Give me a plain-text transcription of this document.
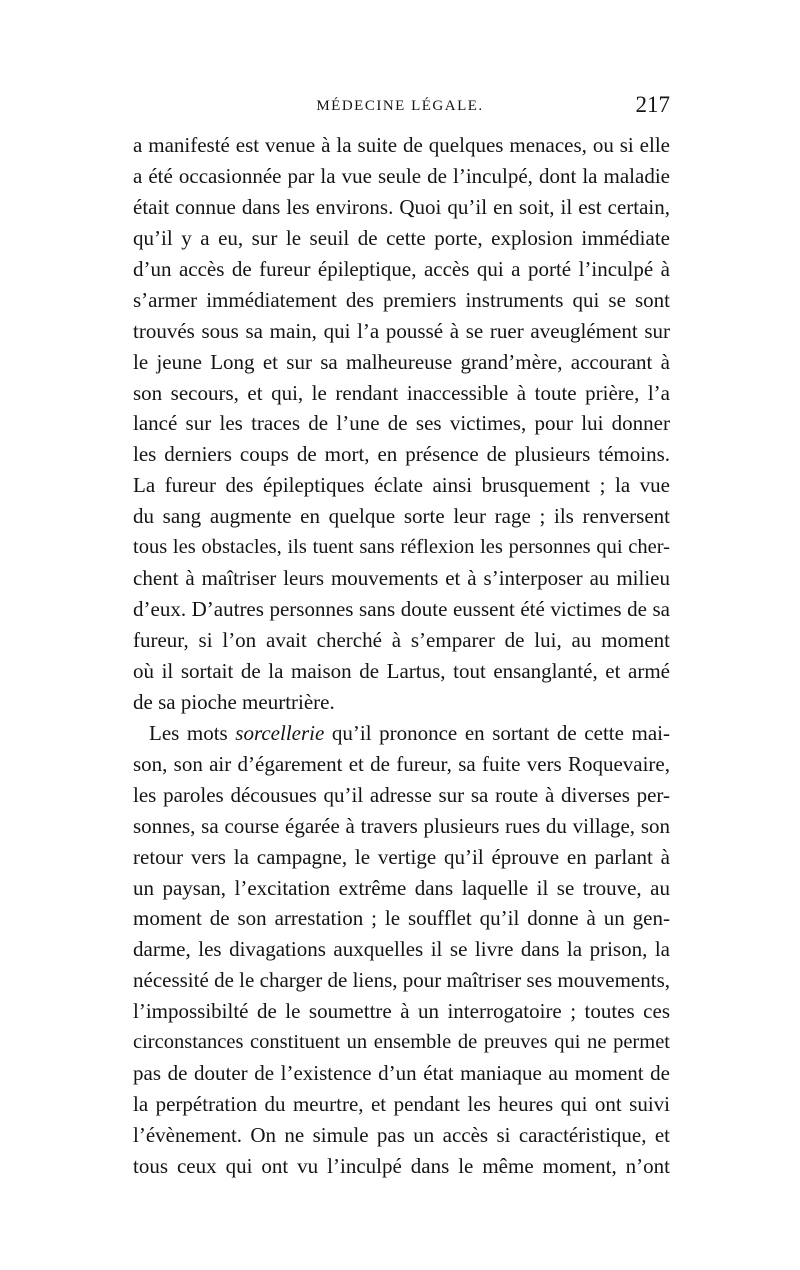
MÉDECINE LÉGALE.	217
a manifesté est venue à la suite de quelques menaces, ou si elle
a été occasionnée par la vue seule de l’inculpé, dont la maladie
était connue dans les environs. Quoi qu’il en soit, il est certain,
qu’il y a eu, sur le seuil de cette porte, explosion immédiate
d’un accès de fureur épileptique, accès qui a porté l’inculpé à
s’armer immédiatement des premiers instruments qui se sont
trouvés sous sa main, qui l’a poussé à se ruer aveuglément sur
le jeune Long et sur sa malheureuse grand’mère, accourant à
son secours, et qui, le rendant inaccessible à toute prière, l’a
lancé sur les traces de l’une de ses victimes, pour lui donner
les derniers coups de mort, en présence de plusieurs témoins.
La fureur des épileptiques éclate ainsi brusquement ; la vue
du sang augmente en quelque sorte leur rage ; ils renversent
tous les obstacles, ils tuent sans réflexion les personnes qui cher-
chent à maîtriser leurs mouvements et à s’interposer au milieu
d’eux. D’autres personnes sans doute eussent été victimes de sa
fureur, si l’on avait cherché à s’emparer de lui, au moment
où il sortait de la maison de Lartus, tout ensanglanté, et armé
de sa pioche meurtrière.
Les mots sorcellerie qu’il prononce en sortant de cette mai-
son, son air d’égarement et de fureur, sa fuite vers Roquevaire,
les paroles décousues qu’il adresse sur sa route à diverses per-
sonnes, sa course égarée à travers plusieurs rues du village, son
retour vers la campagne, le vertige qu’il éprouve en parlant à
un paysan, l’excitation extrême dans laquelle il se trouve, au
moment de son arrestation ; le soufflet qu’il donne à un gen-
darme, les divagations auxquelles il se livre dans la prison, la
nécessité de le charger de liens, pour maîtriser ses mouvements,
l’impossibilté de le soumettre à un interrogatoire ; toutes ces
circonstances constituent un ensemble de preuves qui ne permet
pas de douter de l’existence d’un état maniaque au moment de
la perpétration du meurtre, et pendant les heures qui ont suivi
l’évènement. On ne simule pas un accès si caractéristique, et
tous ceux qui ont vu l’inculpé dans le même moment, n’ont
